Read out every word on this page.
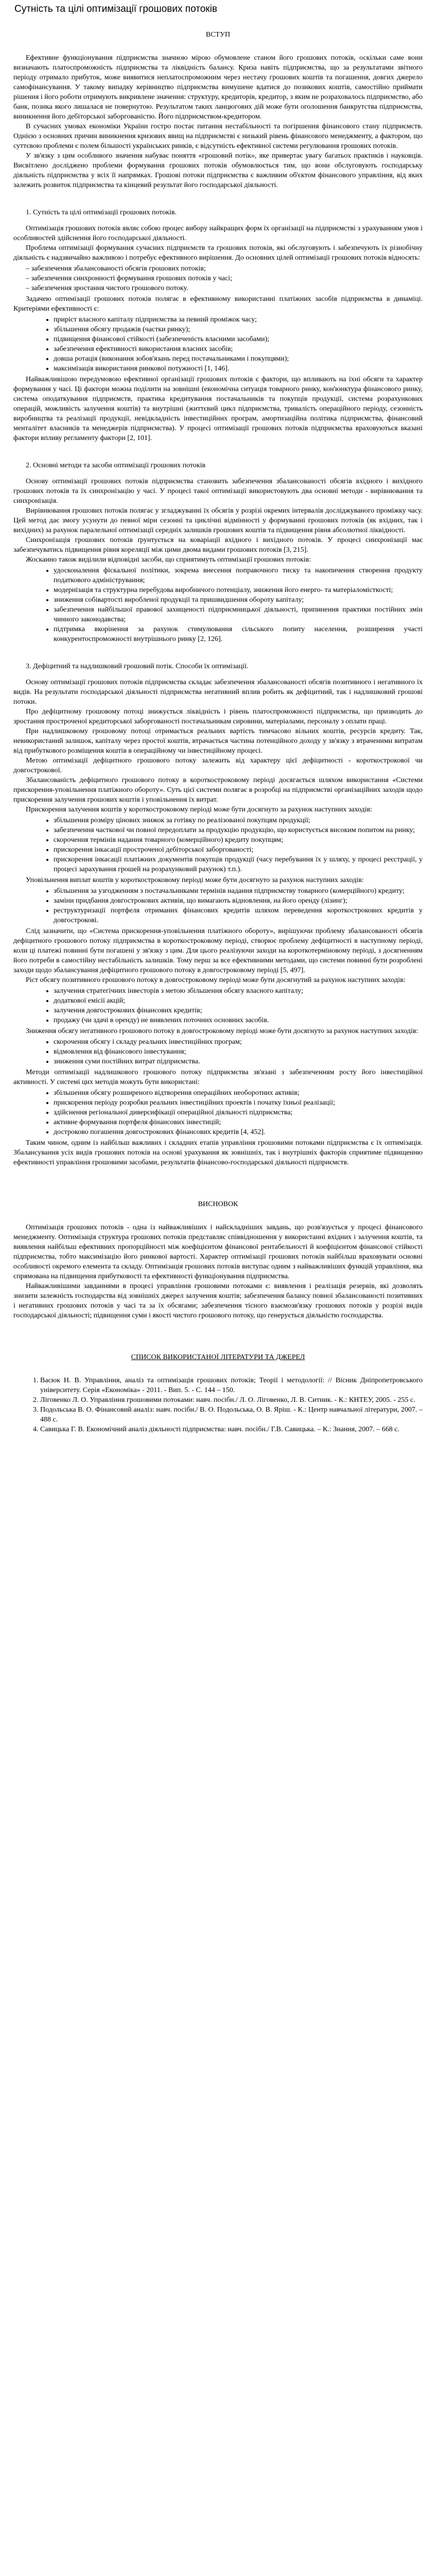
Сутність та цілі оптимізації грошових потоків
ВСТУП

Ефективне функціонування підприємства значною мірою обумовлене станом його грошових потоків, оскільки саме вони визначають платоспроможність підприємства та ліквідність балансу. Криза навіть підприємства, що за результатами звітного періоду отримало прибуток, може виявитися неплатоспроможним через нестачу грошових коштів та погашення, довгих джерело самофінансування. У такому випадку керівництво підприємства вимушене вдатися до позикових коштів, самостійно приймати рішення і його роботи отримують викривлене значення: структуру, кредиторів, кредитор, з яким не розраховалось підприємство, або банк, позика якого лишалася не повернутою. Результатом таких ланцюгових дій може бути оголошення банкрутства підприємства, виникнення його дебіторської заборгованістю. Його підприємством-кредитором.

В сучасних умовах економіки України гостро постає питання нестабільності та погіршення фінансового стану підприємств. Однією з основних причин виникнення кризових явищ на підприємстві є низький рівень фінансового менеджменту, а фактором, що суттєвою проблеми є полем більшості українських ринків, є відсутність ефективної системи регулювання грошових потоків.

У зв'язку з цим особливого значення набуває поняття «грошовий потік», яке привертає увагу багатьох практиків і науковців. Висвітлено досліджено проблеми формування грошових потоків обумовлюється тим, що вони обслуговують господарську діяльність підприємства у всіх її напрямках. Грошові потоки підприємства є важливим об'єктом фінансового управління, від яких залежить розвиток підприємства та кінцевий результат його господарської діяльності.

1. Сутність та цілі оптимізації грошових потоків.

Оптимізація грошових потоків являє собою процес вибору найкращих форм їх організації на підприємстві з урахуванням умов і особливостей здійснення його господарської діяльності.

Проблема оптимізації формування сучасних підприємств та грошових потоків, які обслуговують і забезпечують їх різнобічну діяльність є надзвичайно важливою і потребує ефективного вирішення. До основних цілей оптимізації грошових потоків відносять:

– забезпечення збалансованості обсягів грошових потоків;
– забезпечення синхронності формування грошових потоків у часі;
– забезпечення зростання чистого грошового потоку.

Задачею оптимізації грошових потоків полягає в ефективному використанні платіжних засобів підприємства в динаміці. Критеріями ефективності є:

• приріст власного капіталу підприємства за певний проміжок часу;
• збільшення обсягу продажів (частки ринку);
• підвищення фінансової стійкості (забезпеченість власними засобами);
• забезпечення ефективності використання власних засобів;
• довша ротація (виконання зобов'язань перед постачальниками і покупцями);
• максимізація використання ринкової потужності [1, 146].

Найважливішою передумовою ефективної організації грошових потоків є фактори, що впливають на їхні обсяги та характер формування у часі. Ці фактори можна поділити на зовнішні (економічна ситуація товарного ринку, кон'юнктура фінансового ринку, система оподаткування підприємств, практика кредитування постачальників та покупців продукції, система розрахункових операцій, можливість залучення коштів) та внутрішні (життєвий цикл підприємства, тривалість операційного періоду, сезонність виробництва та реалізації продукції, невідкладність інвестиційних програм, амортизаційна політика підприємства, фінансовий менталітет власників та менеджерів підприємства). У процесі оптимізації грошових потоків підприємства враховуються вказані фактори впливу регламенту фактори [2, 101].

2. Основні методи та засоби оптимізації грошових потоків

Основу оптимізації грошових потоків підприємства становить забезпечення збалансованості обсягів вхідного і вихідного грошових потоків та їх синхронізацію у часі. У процесі такої оптимізації використовують два основні методи - вирівнювання та синхронізація.

Вирівнювання грошових потоків полягає у згладжуванні їх обсягів у розрізі окремих інтервалів досліджуваного проміжку часу. Цей метод дає змогу усунути до певної міри сезонні та циклічні відмінності у формуванні грошових потоків (як вхідних, так і вихідних) за рахунок паралельної оптимізації середніх залишків грошових коштів та підвищення рівня абсолютної ліквідності.

Синхронізація грошових потоків ґрунтується на коваріації вхідного і вихідного потоків. У процесі синхронізації має забезпечуватись підвищення рівня кореляції між цими двома видами грошових потоків [3, 215].

Жоскаино також виділили відповідні засоби, що сприятимуть оптимізації грошових потоків:

• удосконалення фіскальної політики, зокрема внесення поправочного тиску та накопичення створення продукту податкового адміністрування;
• модернізація та структурна перебудова виробничого потенціалу, зниження його енерго- та матеріаломісткості;
• зниження собівартості виробленої продукції та пришвидшення обороту капіталу;
• забезпечення найбільшої правової захищеності підприємницької діяльності, припинення практики постійних змін чинного законодавства;
• підтримка вкорінення за рахунок стимулювання сільського попиту населення, розширення участі конкурентоспроможності внутрішнього ринку [2, 126].

3. Дефіцитний та надлишковий грошовий потік. Способи їх оптимізації.

Основу оптимізації грошових потоків підприємства складає забезпечення збалансованості обсягів позитивного і негативного їх видів. На результати господарської діяльності підприємства негативний вплив робить як дефіцитний, так і надлишковий грошові потоки.

Про дефіцитному грошовому потоці знижується ліквідність і рівень платоспроможності підприємства, що призводить до зростання простроченої кредиторської заборгованості постачальникам сировини, матеріалами, персоналу з оплати праці.

При надлишковому грошовому потоці отримається реальних вартість тимчасово вільних коштів, ресурсів кредиту. Так, невикористаний залишок, капіталу через простої коштів, втрачається частина потенційного доходу у зв'язку з втраченими витратам від прибуткового розміщення коштів в операційному чи інвестиційному процесі.

Метою оптимізації дефіцитного грошового потоку залежить від характеру цієї дефіцитності - короткострокової чи довгострокової.

Збалансованість дефіцитного грошового потоку в короткостроковому періоді досягається шляхом використання «Системи прискорення-уповільнення платіжного обороту». Суть цієї системи полягає в розробці на підприємстві організаційних заходів щодо прискорення залучення грошових коштів і уповільнення їх витрат.

Прискорення залучення коштів у короткостроковому періоді може бути досягнуто за рахунок наступних заходів:

• збільшення розміру цінових знижок за готівку по реалізованої покупцям продукції;
• забезпечення часткової чи повної передоплати за продукцію продукцію, що користується високим попитом на ринку;
• скорочення термінів надання товарного (комерційного) кредиту покупцям;
• прискорення інкасації простроченої дебіторської заборгованості;
• прискорення інкасації платіжних документів покупців продукції (часу перебування їх у шляху, у процесі реєстрації, у процесі зарахування грошей на розрахунковий рахунок) т.п.).

Уповільнення виплат коштів у короткостроковому періоді може бути досягнуто за рахунок наступних заходів:

• збільшення за узгодженням з постачальниками термінів надання підприємству товарного (комерційного) кредиту;
• заміни придбання довгострокових активів, що вимагають відновлення, на його оренду (лізинг);
• реструктуризації портфеля отриманих фінансових кредитів шляхом переведення короткострокових кредитів у довгострокові.

Слід зазначити, що «Система прискорення-уповільнення платіжного обороту», вирішуючи проблему збалансованості обсягів дефіцитного грошового потоку підприємства в короткостроковому періоді, створює проблему дефіцитності в наступному періоді, коли ці платежі повинні бути погашені у зв'язку з цим. Для цього реалізуючи заходи на короткотерміновому періоді, з досягненням його потреби в самостійну нестабільність залишків. Тому перш за все ефективними методами, що системи повинні бути розроблені заходи щодо збалансування дефіцитного грошового потоку в довгостроковому періоді [5, 497].

Ріст обсягу позитивного грошового потоку в довгостроковому періоді може бути досягнутий за рахунок наступних заходів:

• залучення стратегічних інвесторів з метою збільшення обсягу власного капіталу;
• додаткової емісії акцій;
• залучення довгострокових фінансових кредитів;
• продажу (чи здачі в оренду) не виявлених поточних основних засобів.

Зниження обсягу негативного грошового потоку в довгостроковому періоді може бути досягнуто за рахунок наступних заходів:

• скорочення обсягу і складу реальних інвестиційних програм;
• відмовлення від фінансового інвестування;
• зниження суми постійних витрат підприємства.

Методи оптимізації надлишкового грошового потоку підприємства зв'язані з забезпеченням росту його інвестиційної активності. У системі цих методів можуть бути використані:

• збільшення обсягу розширеного відтворення операційних необоротних активів;
• прискорення періоду розробки реальних інвестиційних проектів і початку їхньої реалізації;
• здійснення регіональної диверсифікації операційної діяльності підприємства;
• активне формування портфеля фінансових інвестицій;
• достроково погашення довгострокових фінансових кредитів [4, 452].

Таким чином, одним із найбільш важливих і складних етапів управління грошовими потоками підприємства є їх оптимізація. Збалансування усіх видів грошових потоків на основі урахування як зовнішніх, так і внутрішніх факторів сприятиме підвищенню ефективності управління грошовими засобами, результатів фінансово-господарської діяльності підприємств.

ВИСНОВОК

Оптимізація грошових потоків - одна із найважливіших і найскладніших завдань, що розв'язується у процесі фінансового менеджменту. Оптимізація структура грошових потоків представляє співвідношення у використанні вхідних і залучення коштів, та виявлення найбільш ефективних пропорційності між коефіцієнтом фінансової рентабельності й коефіцієнтом фінансової стійкості підприємства, тобто максимізацію його ринкової вартості. Характер оптимізації грошових потоків найбільш враховувати основні особливості окремого елемента та складу. Оптимізація грошових потоків виступає одним з найважливіших функцій управління, яка спрямована на підвищення прибутковості та ефективності функціонування підприємства.

Найважливішими завданнями в процесі управління грошовими потоками є: виявлення і реалізація резервів, які дозволять знизити залежність господарства від зовнішніх джерел залучення коштів; забезпечення балансу повної збалансованості позитивних і негативних грошових потоків у часі та за їх обсягами; забезпечення тісного взаємозв'язку грошових потоків у розрізі видів господарської діяльності; підвищення суми і якості чистого грошового потоку, що генерується діяльністю господарства.

СПИСОК ВИКОРИСТАНОЇ ЛІТЕРАТУРИ ТА ДЖЕРЕЛ
1. Васюк Н. В. Управління, аналіз та оптимізація грошових потоків; Теорії і методології: // Вісник Дніпропетровського університету. Серія «Економіка» - 2011. - Вип. 5. - С. 144 – 150.
2. Ліговенко Л. О. Управління грошовими потоками: навч. посібн./ Л. О. Ліговенко, Л. В. Ситник. - К.: КНТЕУ, 2005. - 255 с.
3. Подольська В. О. Фінансовий аналіз: навч. посібн./ В. О. Подольська, О. В. Яріш. - К.: Центр навчальної літератури, 2007. – 488 с.
4. Савицька Г. В. Економічний аналіз діяльності підприємства: навч. посібн./ Г.В. Савицька. – К.: Знання, 2007. – 668 с.
